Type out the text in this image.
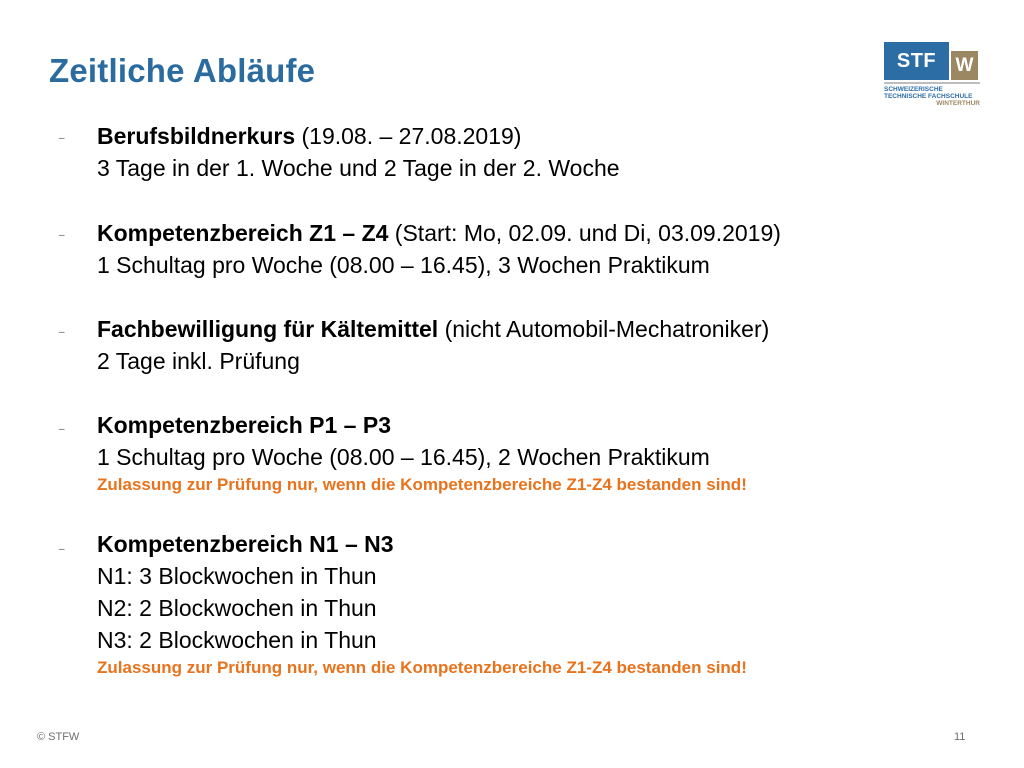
Zeitliche Abläufe	STF	W
SCHWEIZERISCHE
TECHNISCHE FACHSCHULE
WINTERTHUR
– Berufsbildnerkurs (19.08. – 27.08.2019)
3 Tage in der 1. Woche und 2 Tage in der 2. Woche
– Kompetenzbereich Z1 – Z4 (Start: Mo, 02.09. und Di, 03.09.2019)
1 Schultag pro Woche (08.00 – 16.45), 3 Wochen Praktikum
– Fachbewilligung für Kältemittel (nicht Automobil-Mechatroniker)
2 Tage inkl. Prüfung
– Kompetenzbereich P1 – P3
1 Schultag pro Woche (08.00 – 16.45), 2 Wochen Praktikum
Zulassung zur Prüfung nur, wenn die Kompetenzbereiche Z1-Z4 bestanden sind!
– Kompetenzbereich N1 – N3
N1: 3 Blockwochen in Thun
N2: 2 Blockwochen in Thun
N3: 2 Blockwochen in Thun
Zulassung zur Prüfung nur, wenn die Kompetenzbereiche Z1-Z4 bestanden sind!
© STFW	11
